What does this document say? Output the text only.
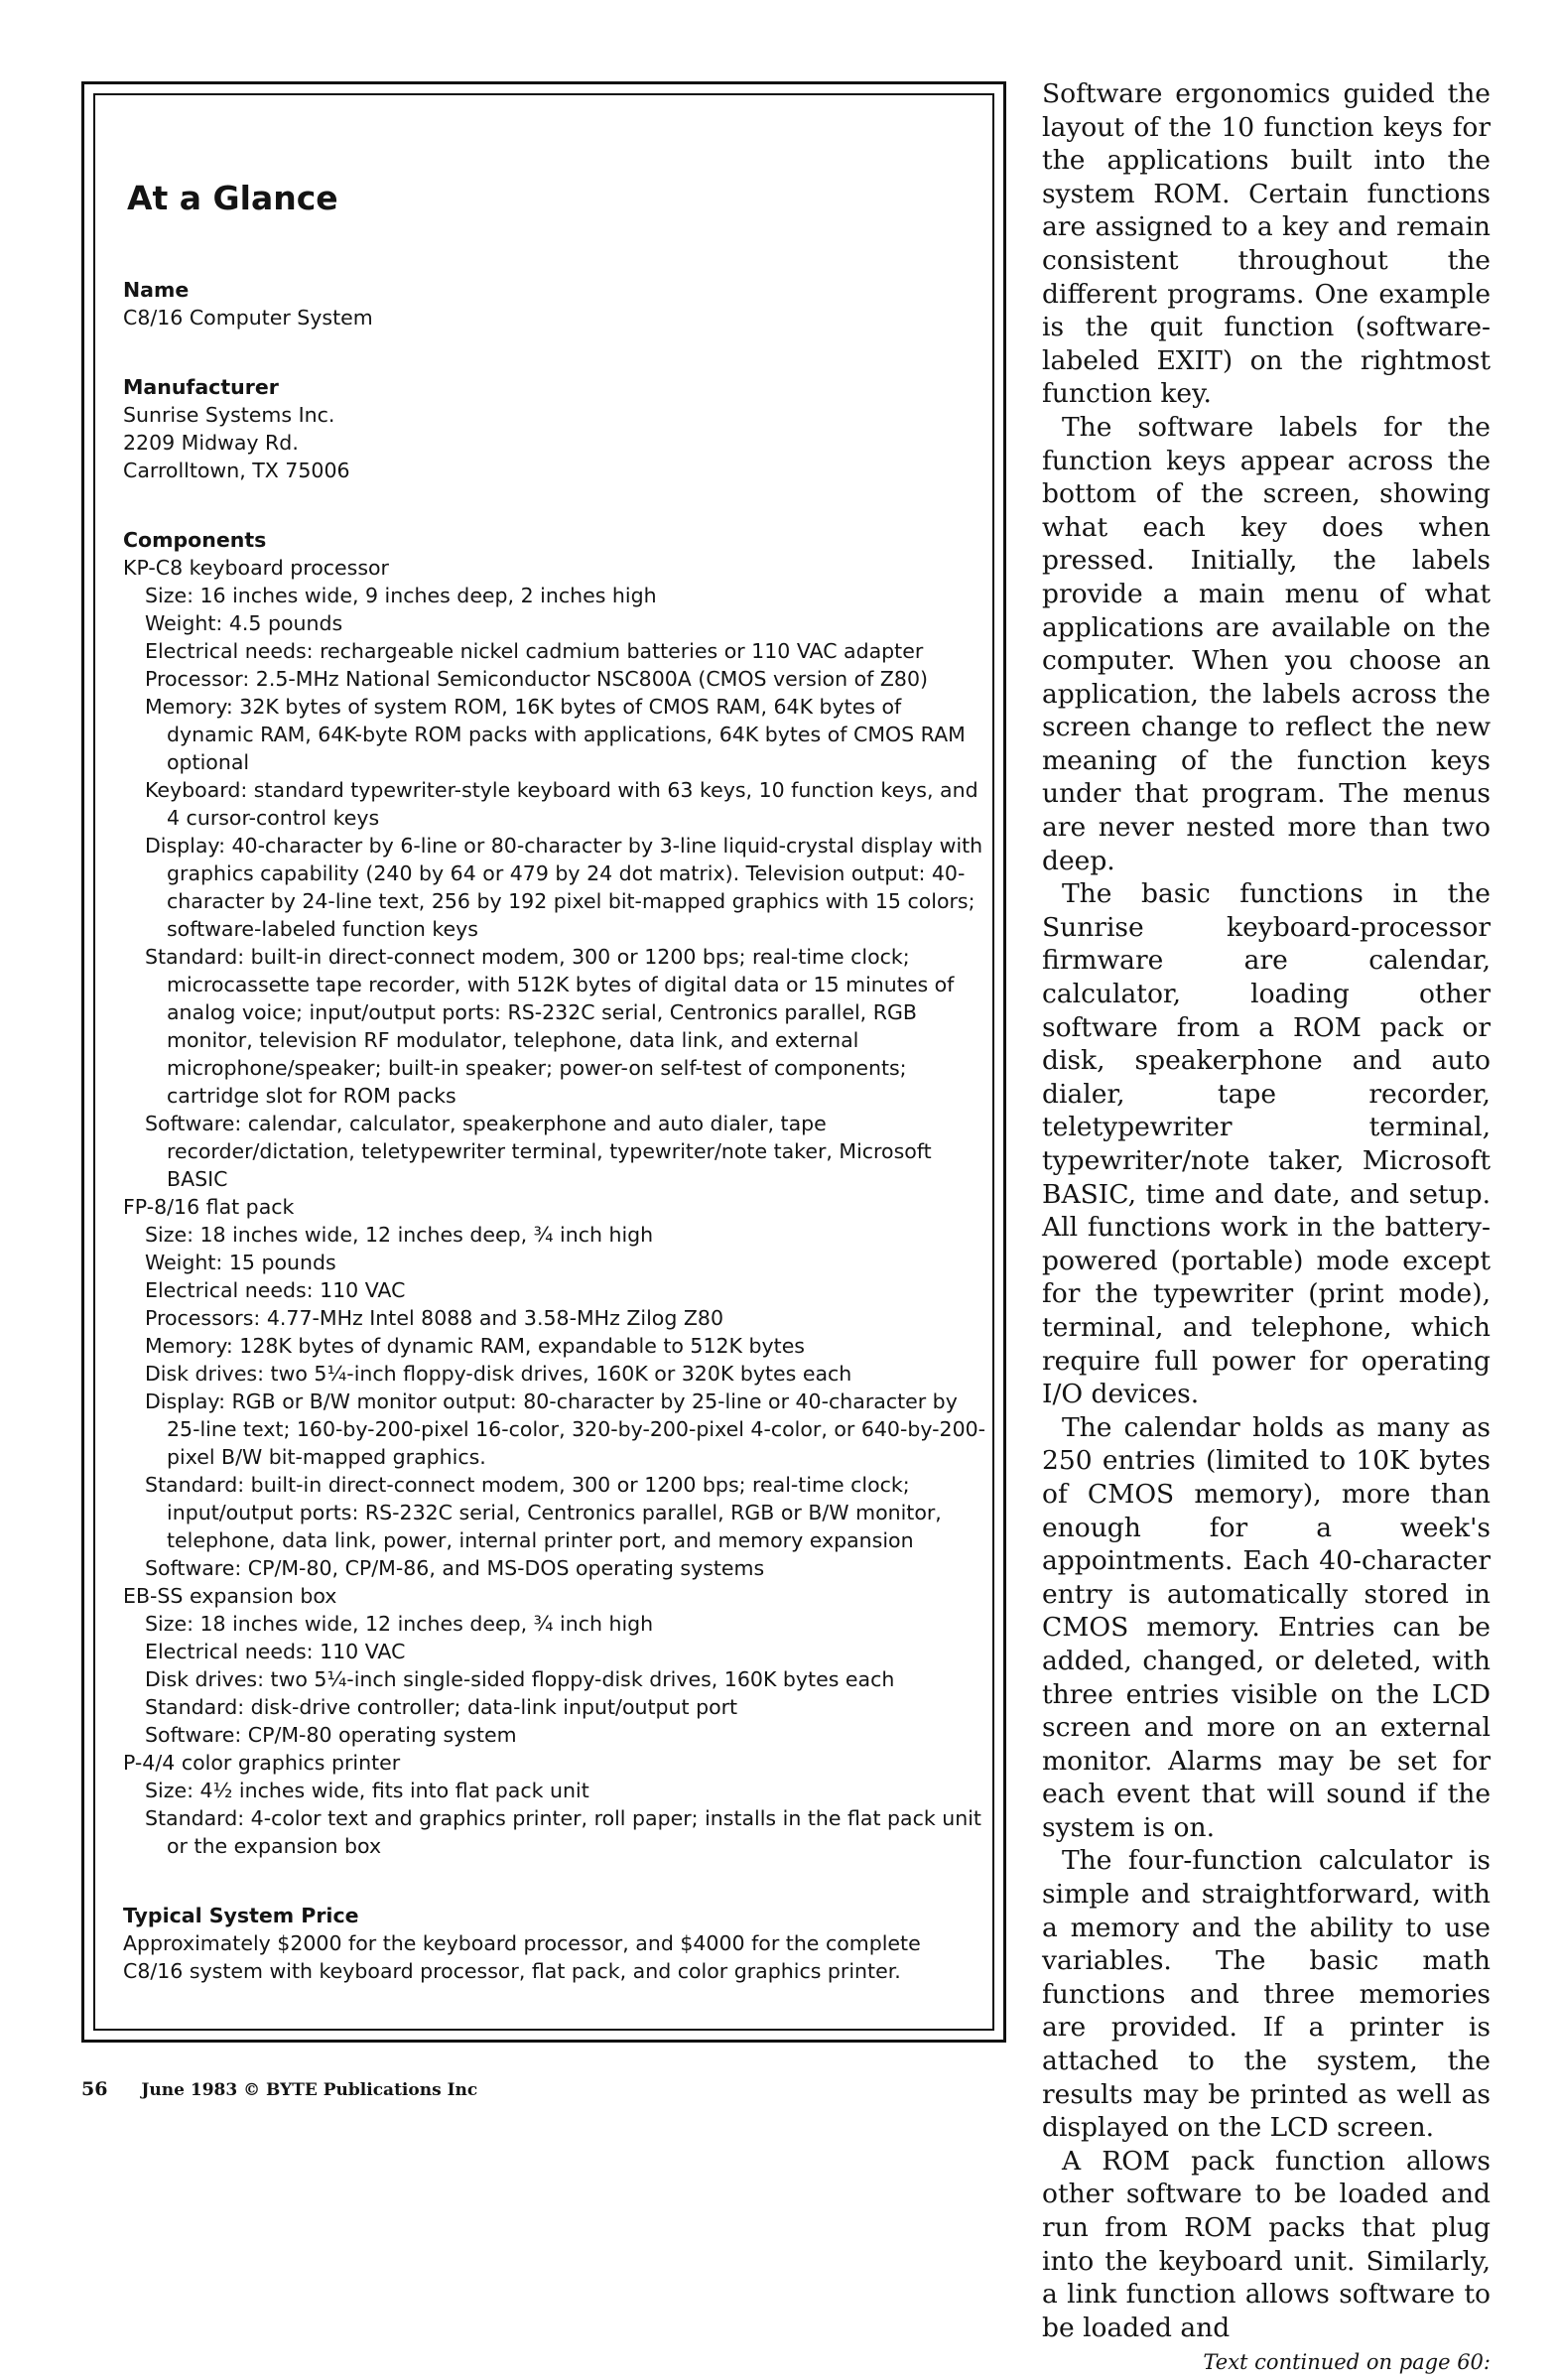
At a Glance
Name
C8/16 Computer System
Manufacturer
Sunrise Systems Inc.
2209 Midway Rd.
Carrolltown, TX 75006
Components
KP-C8 keyboard processor
Size: 16 inches wide, 9 inches deep, 2 inches high
Weight: 4.5 pounds
Electrical needs: rechargeable nickel cadmium batteries or 110 VAC adapter
Processor: 2.5-MHz National Semiconductor NSC800A (CMOS version of Z80)
Memory: 32K bytes of system ROM, 16K bytes of CMOS RAM, 64K bytes of dynamic RAM, 64K-byte ROM packs with applications, 64K bytes of CMOS RAM optional
Keyboard: standard typewriter-style keyboard with 63 keys, 10 function keys, and 4 cursor-control keys
Display: 40-character by 6-line or 80-character by 3-line liquid-crystal display with graphics capability (240 by 64 or 479 by 24 dot matrix). Television output: 40-character by 24-line text, 256 by 192 pixel bit-mapped graphics with 15 colors; software-labeled function keys
Standard: built-in direct-connect modem, 300 or 1200 bps; real-time clock; microcassette tape recorder, with 512K bytes of digital data or 15 minutes of analog voice; input/output ports: RS-232C serial, Centronics parallel, RGB monitor, television RF modulator, telephone, data link, and external microphone/speaker; built-in speaker; power-on self-test of components; cartridge slot for ROM packs
Software: calendar, calculator, speakerphone and auto dialer, tape recorder/dictation, teletypewriter terminal, typewriter/note taker, Microsoft BASIC
FP-8/16 flat pack
Size: 18 inches wide, 12 inches deep, ¾ inch high
Weight: 15 pounds
Electrical needs: 110 VAC
Processors: 4.77-MHz Intel 8088 and 3.58-MHz Zilog Z80
Memory: 128K bytes of dynamic RAM, expandable to 512K bytes
Disk drives: two 5¼-inch floppy-disk drives, 160K or 320K bytes each
Display: RGB or B/W monitor output: 80-character by 25-line or 40-character by 25-line text; 160-by-200-pixel 16-color, 320-by-200-pixel 4-color, or 640-by-200-pixel B/W bit-mapped graphics.
Standard: built-in direct-connect modem, 300 or 1200 bps; real-time clock; input/output ports: RS-232C serial, Centronics parallel, RGB or B/W monitor, telephone, data link, power, internal printer port, and memory expansion
Software: CP/M-80, CP/M-86, and MS-DOS operating systems
EB-SS expansion box
Size: 18 inches wide, 12 inches deep, ¾ inch high
Electrical needs: 110 VAC
Disk drives: two 5¼-inch single-sided floppy-disk drives, 160K bytes each
Standard: disk-drive controller; data-link input/output port
Software: CP/M-80 operating system
P-4/4 color graphics printer
Size: 4½ inches wide, fits into flat pack unit
Standard: 4-color text and graphics printer, roll paper; installs in the flat pack unit or the expansion box
Typical System Price
Approximately $2000 for the keyboard processor, and $4000 for the complete C8/16 system with keyboard processor, flat pack, and color graphics printer.

Software ergonomics guided the layout of the 10 function keys for the applications built into the system ROM. Certain functions are assigned to a key and remain consistent throughout the different programs. One example is the quit function (software-labeled EXIT) on the rightmost function key.

The software labels for the function keys appear across the bottom of the screen, showing what each key does when pressed. Initially, the labels provide a main menu of what applications are available on the computer. When you choose an application, the labels across the screen change to reflect the new meaning of the function keys under that program. The menus are never nested more than two deep.

The basic functions in the Sunrise keyboard-processor firmware are calendar, calculator, loading other software from a ROM pack or disk, speakerphone and auto dialer, tape recorder, teletypewriter terminal, typewriter/note taker, Microsoft BASIC, time and date, and setup. All functions work in the battery-powered (portable) mode except for the typewriter (print mode), terminal, and telephone, which require full power for operating I/O devices.

The calendar holds as many as 250 entries (limited to 10K bytes of CMOS memory), more than enough for a week's appointments. Each 40-character entry is automatically stored in CMOS memory. Entries can be added, changed, or deleted, with three entries visible on the LCD screen and more on an external monitor. Alarms may be set for each event that will sound if the system is on.

The four-function calculator is simple and straightforward, with a memory and the ability to use variables. The basic math functions and three memories are provided. If a printer is attached to the system, the results may be printed as well as displayed on the LCD screen.

A ROM pack function allows other software to be loaded and run from ROM packs that plug into the keyboard unit. Similarly, a link function allows software to be loaded and

Text continued on page 60:
56 June 1983 © BYTE Publications Inc
